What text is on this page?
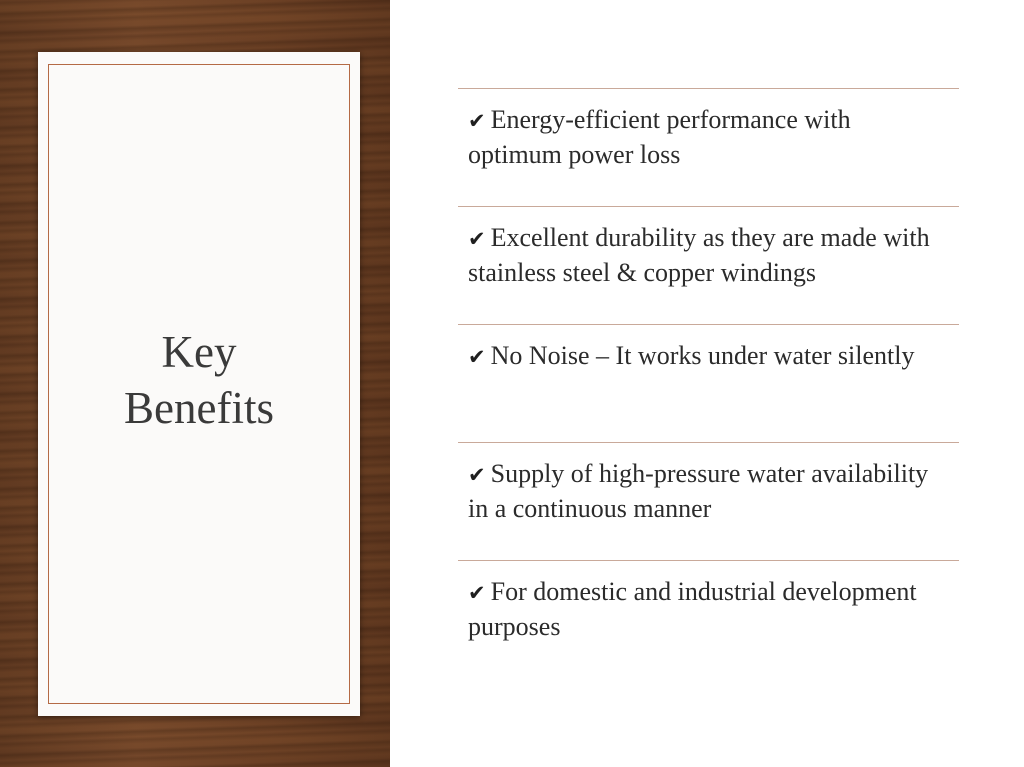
Key
Benefits
✔ Energy-efficient performance with optimum power loss
✔ Excellent durability as they are made with stainless steel & copper windings
✔ No Noise – It works under water silently
✔ Supply of high-pressure water availability in a continuous manner
✔ For domestic and industrial development purposes
